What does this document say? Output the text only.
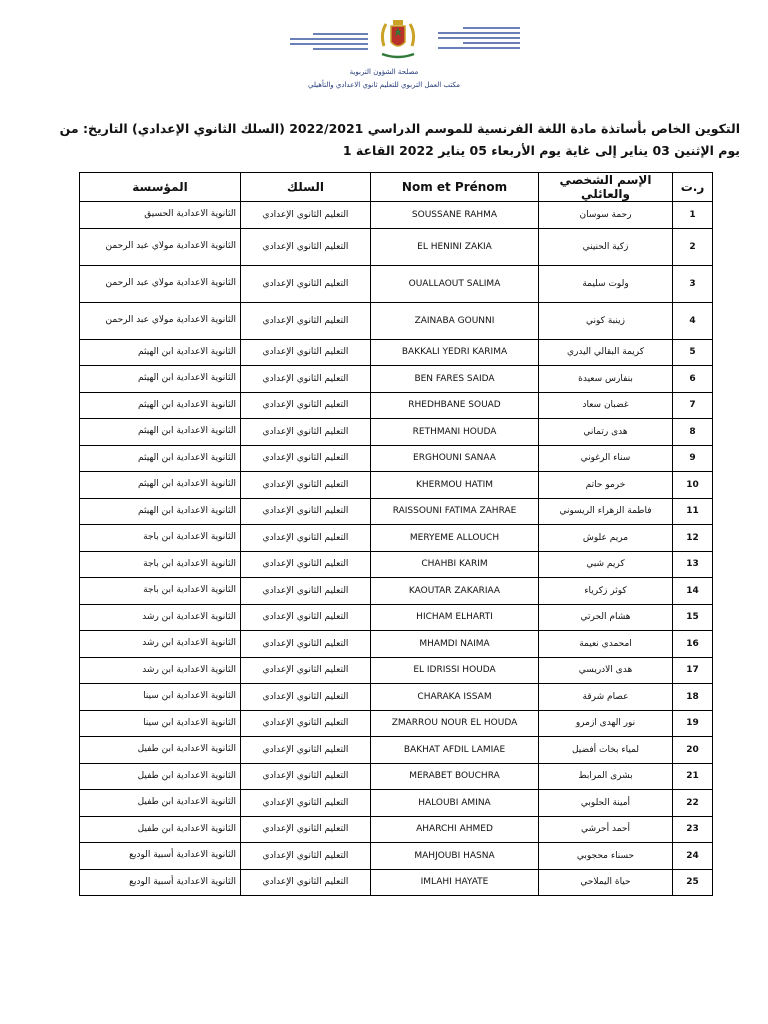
مصلحة الشؤون التربوية
مكتب العمل التربوي للتعليم ثانوي الاعدادي والتأهيلي
التكوين الخاص بأساتذة مادة اللغة الفرنسية للموسم الدراسي 2022/2021 (السلك الثانوي الإعدادي) التاريخ: من
يوم الإثنين 03 يناير إلى غاية يوم الأربعاء 05 يناير 2022 القاعة 1
ر.ت	الإسم الشخصي والعائلي	Nom et Prénom	السلك	المؤسسة
1	رحمة سوسان	SOUSSANE RAHMA	التعليم الثانوي الإعدادي	الثانوية الاعدادية الحسيق
2	زكية الحنيني	EL HENINI ZAKIA	التعليم الثانوي الإعدادي	الثانوية الاعدادية مولاي عبد الرحمن
3	ولوت سليمة	OUALLAOUT SALIMA	التعليم الثانوي الإعدادي	الثانوية الاعدادية مولاي عبد الرحمن
4	زينبة كوني	ZAINABA GOUNNI	التعليم الثانوي الإعدادي	الثانوية الاعدادية مولاي عبد الرحمن
5	كريمة البقالي اليدري	BAKKALI YEDRI KARIMA	التعليم الثانوي الإعدادي	الثانوية الاعدادية ابن الهيثم
6	بنفارس سعيدة	BEN FARES SAIDA	التعليم الثانوي الإعدادي	الثانوية الاعدادية ابن الهيثم
7	غضبان سعاد	RHEDHBANE SOUAD	التعليم الثانوي الإعدادي	الثانوية الاعدادية ابن الهيثم
8	هدى رتماني	RETHMANI HOUDA	التعليم الثانوي الإعدادي	الثانوية الاعدادية ابن الهيثم
9	سناء الرغوني	ERGHOUNI SANAA	التعليم الثانوي الإعدادي	الثانوية الاعدادية ابن الهيثم
10	خرمو حاتم	KHERMOU HATIM	التعليم الثانوي الإعدادي	الثانوية الاعدادية ابن الهيثم
11	فاطمة الزهراء الريسوني	RAISSOUNI FATIMA ZAHRAE	التعليم الثانوي الإعدادي	الثانوية الاعدادية ابن الهيثم
12	مريم علوش	MERYEME ALLOUCH	التعليم الثانوي الإعدادي	الثانوية الاعدادية ابن باجة
13	كريم شبي	CHAHBI KARIM	التعليم الثانوي الإعدادي	الثانوية الاعدادية ابن باجة
14	كوثر زكرياء	KAOUTAR ZAKARIAA	التعليم الثانوي الإعدادي	الثانوية الاعدادية ابن باجة
15	هشام الحرتي	HICHAM ELHARTI	التعليم الثانوي الإعدادي	الثانوية الاعدادية ابن رشد
16	امحمدي نعيمة	MHAMDI NAIMA	التعليم الثانوي الإعدادي	الثانوية الاعدادية ابن رشد
17	هدى الادريسي	EL IDRISSI HOUDA	التعليم الثانوي الإعدادي	الثانوية الاعدادية ابن رشد
18	عصام شرقة	CHARAKA ISSAM	التعليم الثانوي الإعدادي	الثانوية الاعدادية ابن سينا
19	نور الهدى ازمرو	ZMARROU NOUR EL HOUDA	التعليم الثانوي الإعدادي	الثانوية الاعدادية ابن سينا
20	لمياء بخات أفضيل	BAKHAT AFDIL LAMIAE	التعليم الثانوي الإعدادي	الثانوية الاعدادية ابن طفيل
21	بشرى المرابط	MERABET BOUCHRA	التعليم الثانوي الإعدادي	الثانوية الاعدادية ابن طفيل
22	أمينة الحلوبي	HALOUBI AMINA	التعليم الثانوي الإعدادي	الثانوية الاعدادية ابن طفيل
23	أحمد أحرشي	AHARCHI AHMED	التعليم الثانوي الإعدادي	الثانوية الاعدادية ابن طفيل
24	حسناء محجوبي	MAHJOUBI HASNA	التعليم الثانوي الإعدادي	الثانوية الاعدادية أسبية الوديع
25	حياة اليملاحي	IMLAHI HAYATE	التعليم الثانوي الإعدادي	الثانوية الاعدادية أسبية الوديع
